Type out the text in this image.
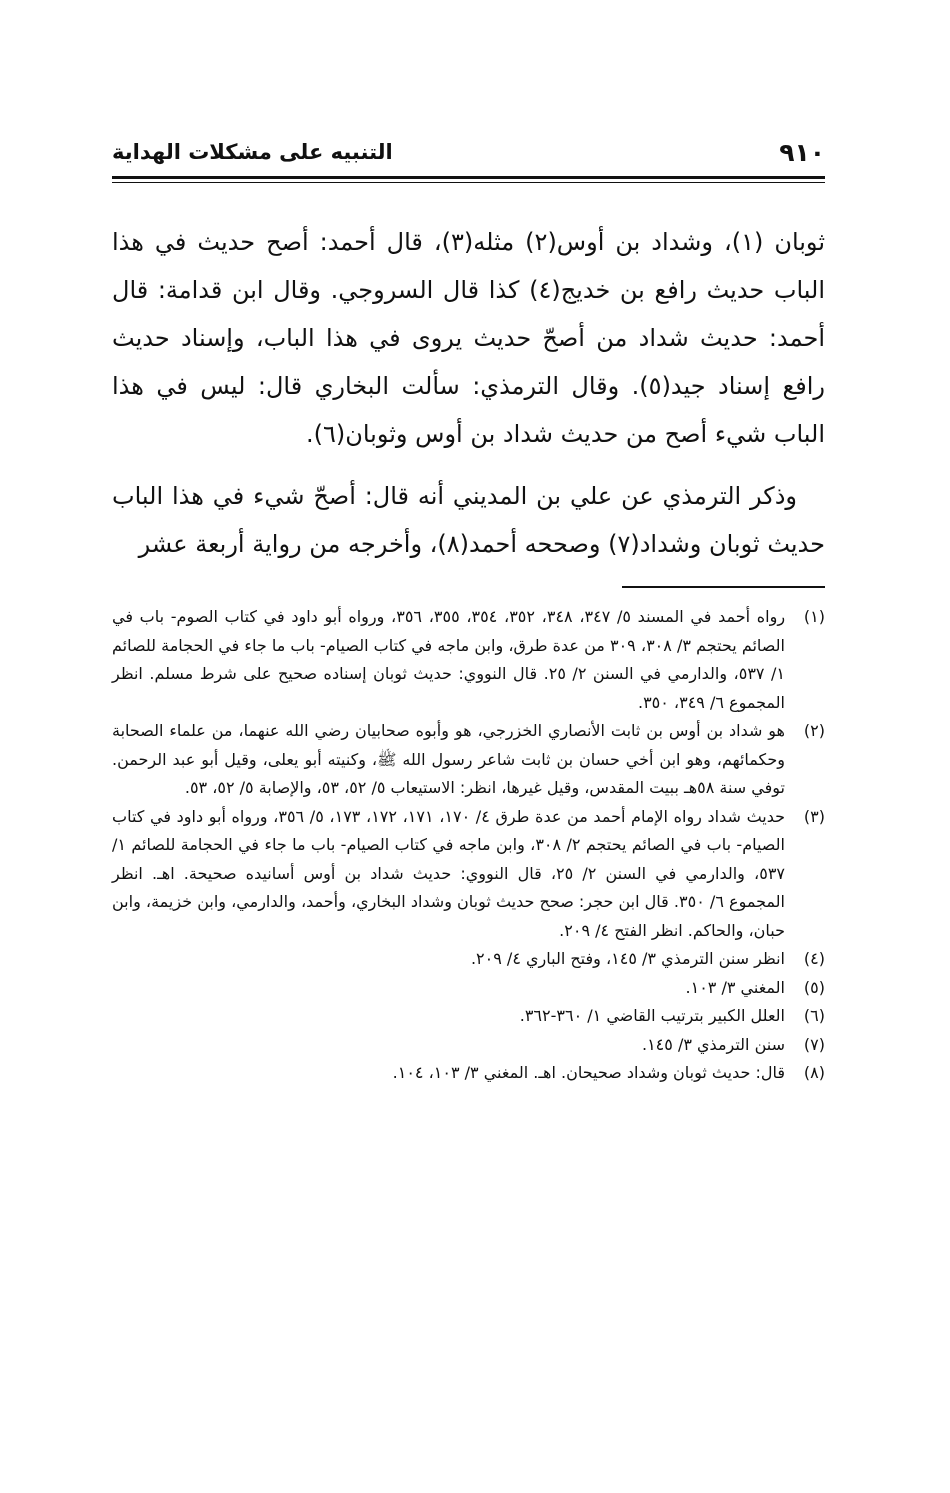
٩١٠
التنبيه على مشكلات الهداية

ثوبان (١)، وشداد بن أوس(٢) مثله(٣)، قال أحمد: أصح حديث في هذا الباب حديث رافع بن خديج(٤) كذا قال السروجي. وقال ابن قدامة: قال أحمد: حديث شداد من أصحّ حديث يروى في هذا الباب، وإسناد حديث رافع إسناد جيد(٥). وقال الترمذي: سألت البخاري قال: ليس في هذا الباب شيء أصح من حديث شداد بن أوس وثوبان(٦).

وذكر الترمذي عن علي بن المديني أنه قال: أصحّ شيء في هذا الباب حديث ثوبان وشداد(٧) وصححه أحمد(٨)، وأخرجه من رواية أربعة عشر

(١)
رواه أحمد في المسند ٥/ ٣٤٧، ٣٤٨، ٣٥٢، ٣٥٤، ٣٥٥، ٣٥٦، ورواه أبو داود في كتاب الصوم- باب في الصائم يحتجم ٣/ ٣٠٨، ٣٠٩ من عدة طرق، وابن ماجه في كتاب الصيام- باب ما جاء في الحجامة للصائم ١/ ٥٣٧، والدارمي في السنن ٢/ ٢٥. قال النووي: حديث ثوبان إسناده صحيح على شرط مسلم. انظر المجموع ٦/ ٣٤٩، ٣٥٠.
(٢)
هو شداد بن أوس بن ثابت الأنصاري الخزرجي، هو وأبوه صحابيان رضي الله عنهما، من علماء الصحابة وحكمائهم، وهو ابن أخي حسان بن ثابت شاعر رسول الله ﷺ، وكنيته أبو يعلى، وقيل أبو عبد الرحمن. توفي سنة ٥٨هـ ببيت المقدس، وقيل غيرها، انظر: الاستيعاب ٥/ ٥٢، ٥٣، والإصابة ٥/ ٥٢، ٥٣.
(٣)
حديث شداد رواه الإمام أحمد من عدة طرق ٤/ ١٧٠، ١٧١، ١٧٢، ١٧٣، ٥/ ٣٥٦، ورواه أبو داود في كتاب الصيام- باب في الصائم يحتجم ٢/ ٣٠٨، وابن ماجه في كتاب الصيام- باب ما جاء في الحجامة للصائم ١/ ٥٣٧، والدارمي في السنن ٢/ ٢٥، قال النووي: حديث شداد بن أوس أسانيده صحيحة. اهـ. انظر المجموع ٦/ ٣٥٠. قال ابن حجر: صحح حديث ثوبان وشداد البخاري، وأحمد، والدارمي، وابن خزيمة، وابن حبان، والحاكم. انظر الفتح ٤/ ٢٠٩.
(٤)
انظر سنن الترمذي ٣/ ١٤٥، وفتح الباري ٤/ ٢٠٩.
(٥)
المغني ٣/ ١٠٣.
(٦)
العلل الكبير بترتيب القاضي ١/ ٣٦٠-٣٦٢.
(٧)
سنن الترمذي ٣/ ١٤٥.
(٨)
قال: حديث ثوبان وشداد صحيحان. اهـ. المغني ٣/ ١٠٣، ١٠٤.
